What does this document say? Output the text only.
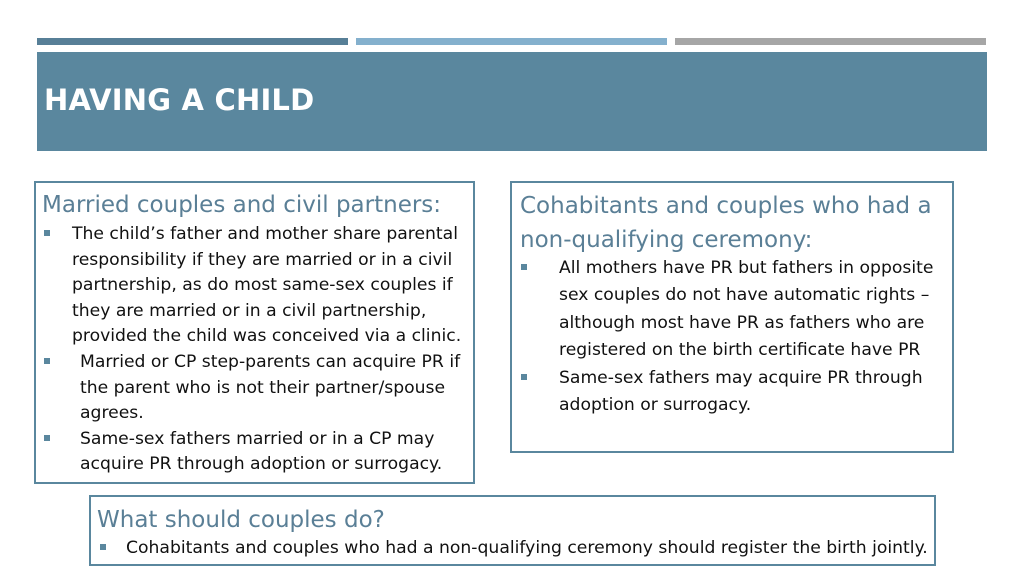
HAVING A CHILD
Married couples and civil partners:
The child’s father and mother share parental responsibility if they are married or in a civil partnership, as do most same-sex couples if they are married or in a civil partnership, provided the child was conceived via a clinic.
Married or CP step-parents can acquire PR if the parent who is not their partner/spouse agrees.
Same-sex fathers married or in a CP may acquire PR through adoption or surrogacy.
Cohabitants and couples who had a non-qualifying ceremony:
All mothers have PR but fathers in opposite sex couples do not have automatic rights – although most have PR as fathers who are registered on the birth certificate have PR
Same-sex fathers may acquire PR through adoption or surrogacy.
What should couples do?
Cohabitants and couples who had a non-qualifying ceremony should register the birth jointly.
